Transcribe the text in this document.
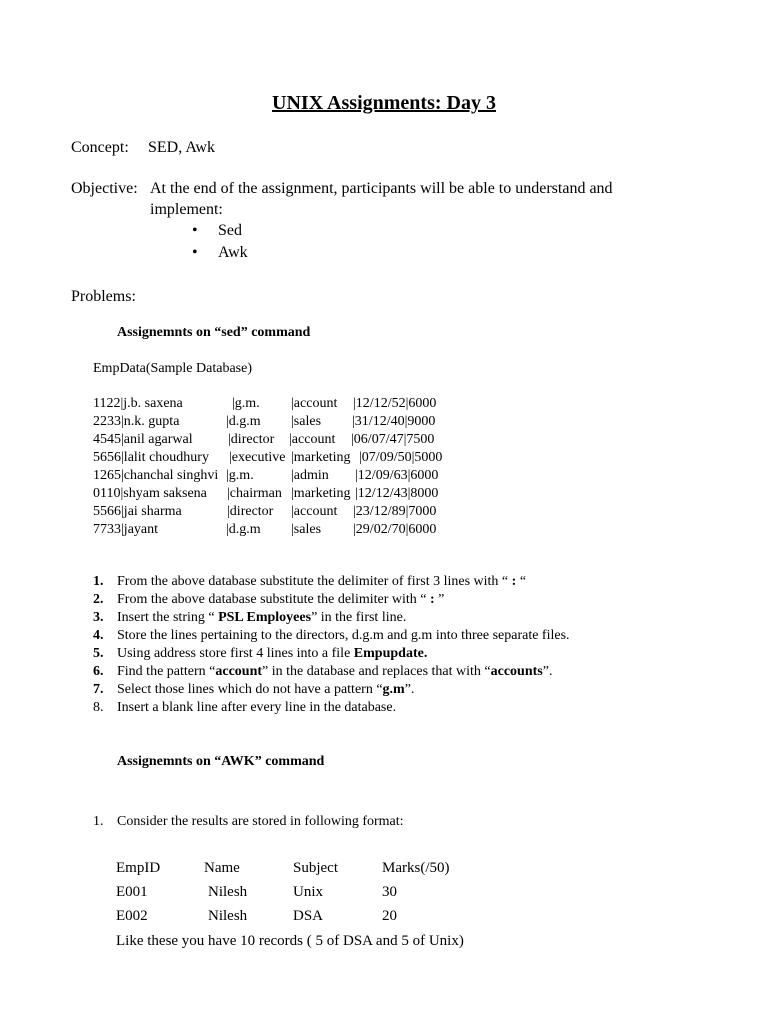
UNIX Assignments: Day 3
Concept: SED, Awk
Objective: At the end of the assignment, participants will be able to understand and
implement:
• Sed
• Awk
Problems:
Assignemnts on “sed” command
EmpData(Sample Database)
1122|j.b. saxena	|g.m. |account |12/12/52|6000
2233|n.k. gupta	|d.g.m |sales |31/12/40|9000
4545|anil agarwal	|director |account |06/07/47|7500
5656|lalit choudhury |executive |marketing |07/09/50|5000
1265|chanchal singhvi |g.m.	|admin |12/09/63|6000
0110|shyam saksena |chairman |marketing |12/12/43|8000
5566|jai sharma	|director |account |23/12/89|7000
7733|jayant	|d.g.m |sales |29/02/70|6000
1. From the above database substitute the delimiter of first 3 lines with “ : “
2. From the above database substitute the delimiter with “ : ”
3. Insert the string “ PSL Employees” in the first line.
4. Store the lines pertaining to the directors, d.g.m and g.m into three separate files.
5. Using address store first 4 lines into a file Empupdate.
6. Find the pattern “account” in the database and replaces that with “accounts”.
7. Select those lines which do not have a pattern “g.m”.
8. Insert a blank line after every line in the database.
Assignemnts on “AWK” command
1. Consider the results are stored in following format:
EmpID	Name	Subject	Marks(/50)
E001	Nilesh	Unix	30
E002	Nilesh	DSA	20
Like these you have 10 records ( 5 of DSA and 5 of Unix)
